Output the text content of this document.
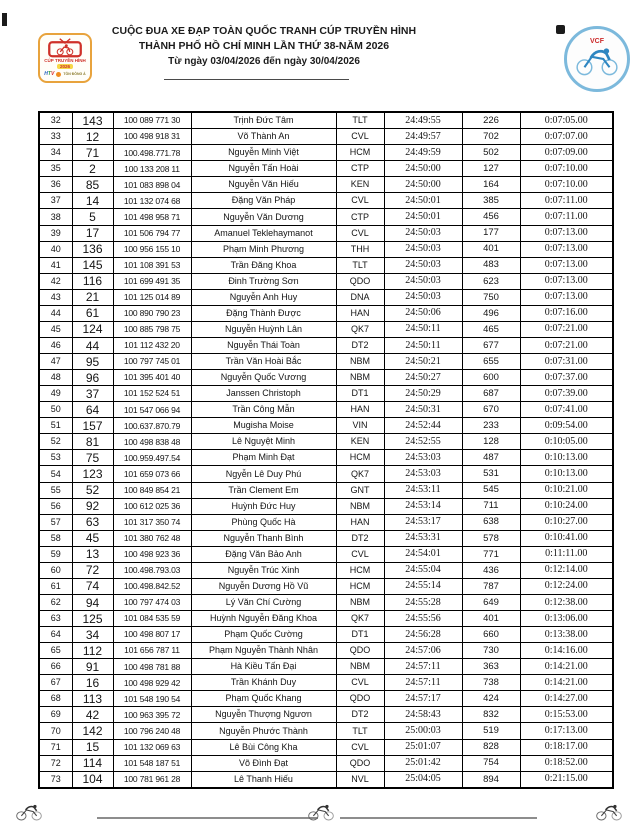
CÚP TRUYỀN HÌNH
2026
HTV	TÔN ĐÔNG Á
CUỘC ĐUA XE ĐẠP TOÀN QUỐC TRANH CÚP TRUYỀN HÌNH
THÀNH PHỐ HỒ CHÍ MINH LẦN THỨ 38-NĂM 2026
Từ ngày 03/04/2026 đến ngày 30/04/2026
VCF
32	143	100 089 771 30	Trịnh Đức Tâm	TLT	24:49:55	226	0:07:05.00
33	12	100 498 918 31	Võ Thành An	CVL	24:49:57	702	0:07:07.00
34	71	100.498.771.78	Nguyễn Minh Việt	HCM	24:49:59	502	0:07:09.00
35	2	100 133 208 11	Nguyễn Tấn Hoài	CTP	24:50:00	127	0:07:10.00
36	85	101 083 898 04	Nguyễn Văn Hiếu	KEN	24:50:00	164	0:07:10.00
37	14	101 132 074 68	Đặng Văn Pháp	CVL	24:50:01	385	0:07:11.00
38	5	101 498 958 71	Nguyễn Văn Dương	CTP	24:50:01	456	0:07:11.00
39	17	101 506 794 77	Amanuel Teklehaymanot	CVL	24:50:03	177	0:07:13.00
40	136	100 956 155 10	Phạm Minh Phương	THH	24:50:03	401	0:07:13.00
41	145	101 108 391 53	Trần Đăng Khoa	TLT	24:50:03	483	0:07:13.00
42	116	101 699 491 35	Đinh Trường Sơn	QDO	24:50:03	623	0:07:13.00
43	21	101 125 014 89	Nguyễn Anh Huy	DNA	24:50:03	750	0:07:13.00
44	61	100 890 790 23	Đặng Thành Được	HAN	24:50:06	496	0:07:16.00
45	124	100 885 798 75	Nguyễn Huỳnh Lân	QK7	24:50:11	465	0:07:21.00
46	44	101 112 432 20	Nguyễn Thái Toàn	DT2	24:50:11	677	0:07:21.00
47	95	100 797 745 01	Trần Văn Hoài Bắc	NBM	24:50:21	655	0:07:31.00
48	96	101 395 401 40	Nguyễn Quốc Vương	NBM	24:50:27	600	0:07:37.00
49	37	101 152 524 51	Janssen Christoph	DT1	24:50:29	687	0:07:39.00
50	64	101 547 066 94	Trần Công Mẫn	HAN	24:50:31	670	0:07:41.00
51	157	100.637.870.79	Mugisha Moise	VIN	24:52:44	233	0:09:54.00
52	81	100 498 838 48	Lê Nguyệt Minh	KEN	24:52:55	128	0:10:05.00
53	75	100.959.497.54	Phạm Minh Đạt	HCM	24:53:03	487	0:10:13.00
54	123	101 659 073 66	Ngyễn Lê Duy Phú	QK7	24:53:03	531	0:10:13.00
55	52	100 849 854 21	Trần Clement Em	GNT	24:53:11	545	0:10:21.00
56	92	100 612 025 36	Huỳnh Đức Huy	NBM	24:53:14	711	0:10:24.00
57	63	101 317 350 74	Phùng Quốc Hà	HAN	24:53:17	638	0:10:27.00
58	45	101 380 762 48	Nguyễn Thanh Bình	DT2	24:53:31	578	0:10:41.00
59	13	100 498 923 36	Đặng Văn Bảo Anh	CVL	24:54:01	771	0:11:11.00
60	72	100.498.793.03	Nguyễn Trúc Xinh	HCM	24:55:04	436	0:12:14.00
61	74	100.498.842.52	Nguyễn Dương Hồ Vũ	HCM	24:55:14	787	0:12:24.00
62	94	100 797 474 03	Lý Văn Chí Cường	NBM	24:55:28	649	0:12:38.00
63	125	101 084 535 59	Huỳnh Nguyễn Đăng Khoa	QK7	24:55:56	401	0:13:06.00
64	34	100 498 807 17	Phạm Quốc Cường	DT1	24:56:28	660	0:13:38.00
65	112	101 656 787 11	Phạm Nguyễn Thành Nhân	QDO	24:57:06	730	0:14:16.00
66	91	100 498 781 88	Hà Kiều Tấn Đại	NBM	24:57:11	363	0:14:21.00
67	16	100 498 929 42	Trần Khánh Duy	CVL	24:57:11	738	0:14:21.00
68	113	101 548 190 54	Phạm Quốc Khang	QDO	24:57:17	424	0:14:27.00
69	42	100 963 395 72	Nguyễn Thượng Ngươn	DT2	24:58:43	832	0:15:53.00
70	142	100 796 240 48	Nguyễn Phước Thành	TLT	25:00:03	519	0:17:13.00
71	15	101 132 069 63	Lê Bùi Công Kha	CVL	25:01:07	828	0:18:17.00
72	114	101 548 187 51	Võ Đình Đạt	QDO	25:01:42	754	0:18:52.00
73	104	100 781 961 28	Lê Thanh Hiếu	NVL	25:04:05	894	0:21:15.00
